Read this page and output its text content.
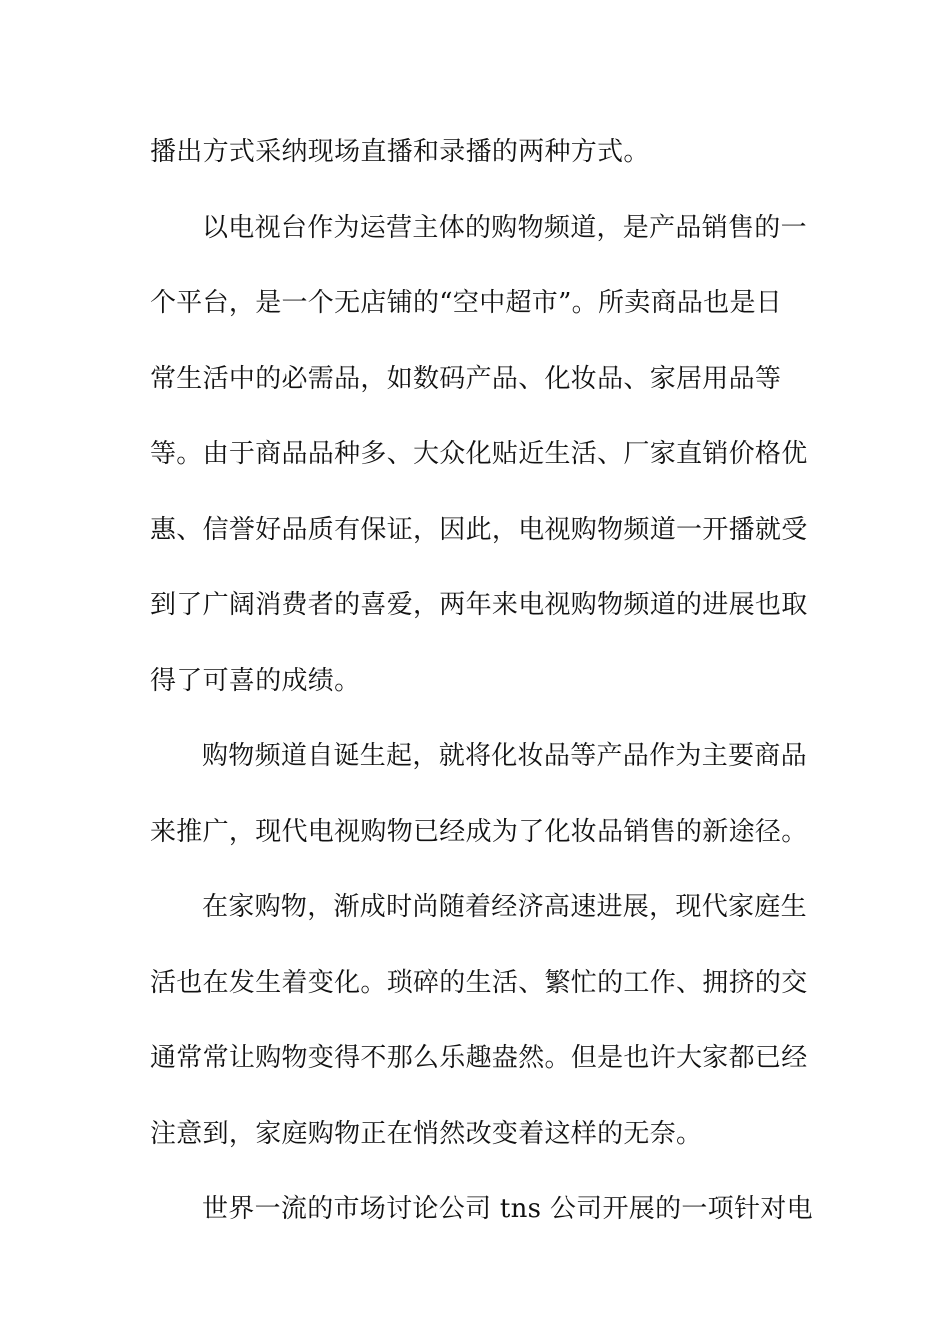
播出方式采纳现场直播和录播的两种方式。

以电视台作为运营主体的购物频道，是产品销售的一
个平台，是一个无店铺的“空中超市”。所卖商品也是日
常生活中的必需品，如数码产品、化妆品、家居用品等
等。由于商品品种多、大众化贴近生活、厂家直销价格优
惠、信誉好品质有保证，因此，电视购物频道一开播就受
到了广阔消费者的喜爱，两年来电视购物频道的进展也取
得了可喜的成绩。

购物频道自诞生起，就将化妆品等产品作为主要商品
来推广，现代电视购物已经成为了化妆品销售的新途径。

在家购物，渐成时尚随着经济高速进展，现代家庭生
活也在发生着变化。琐碎的生活、繁忙的工作、拥挤的交
通常常让购物变得不那么乐趣盎然。但是也许大家都已经
注意到，家庭购物正在悄然改变着这样的无奈。

世界一流的市场讨论公司 tns 公司开展的一项针对电
